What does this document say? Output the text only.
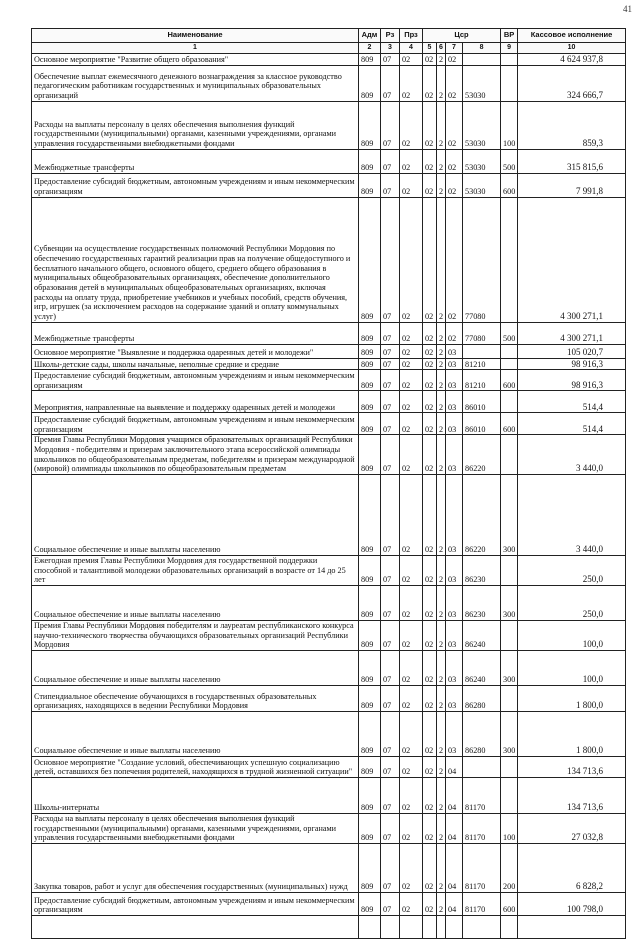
41
Наименование	Адм	Рз	Прз	Цср				ВР	Кассовое исполнение
1	2	3	4	5	6	7	8	9	10
Основное мероприятие "Развитие общего образования"	809	07	02	02	2	02			4 624 937,8
Обеспечение выплат ежемесячного денежного вознаграждения за классное руководство педагогическим работникам государственных и муниципальных образовательных организаций	809	07	02	02	2	02	53030		324 666,7
Расходы на выплаты персоналу в целях обеспечения выполнения функций государственными (муниципальными) органами, казенными учреждениями, органами управления государственными внебюджетными фондами	809	07	02	02	2	02	53030	100	859,3
Межбюджетные трансферты	809	07	02	02	2	02	53030	500	315 815,6
Предоставление субсидий бюджетным, автономным учреждениям и иным некоммерческим организациям	809	07	02	02	2	02	53030	600	7 991,8
Субвенции на осуществление государственных полномочий Республики Мордовия по обеспечению государственных гарантий реализации прав на получение общедоступного и бесплатного начального общего, основного общего, среднего общего образования в муниципальных общеобразовательных организациях, обеспечение дополнительного образования детей в муниципальных общеобразовательных организациях, включая расходы на оплату труда, приобретение учебников и учебных пособий, средств обучения, игр, игрушек (за исключением расходов на содержание зданий и оплату коммунальных услуг)	809	07	02	02	2	02	77080		4 300 271,1
Межбюджетные трансферты	809	07	02	02	2	02	77080	500	4 300 271,1
Основное мероприятие "Выявление и поддержка одаренных детей и молодежи"	809	07	02	02	2	03			105 020,7
Школы-детские сады, школы начальные, неполные средние и средние	809	07	02	02	2	03	81210		98 916,3
Предоставление субсидий бюджетным, автономным учреждениям и иным некоммерческим организациям	809	07	02	02	2	03	81210	600	98 916,3
Мероприятия, направленные на выявление и поддержку одаренных детей и молодежи	809	07	02	02	2	03	86010		514,4
Предоставление субсидий бюджетным, автономным учреждениям и иным некоммерческим организациям	809	07	02	02	2	03	86010	600	514,4
Премия Главы Республики Мордовия учащимся образовательных организаций Республики Мордовия - победителям и призерам заключительного этапа всероссийской олимпиады школьников по общеобразовательным предметам, победителям и призерам международной (мировой) олимпиады школьников по общеобразовательным предметам	809	07	02	02	2	03	86220		3 440,0
Социальное обеспечение и иные выплаты населению	809	07	02	02	2	03	86220	300	3 440,0
Ежегодная премия Главы Республики Мордовия для государственной поддержки способной и талантливой молодежи образовательных организаций в возрасте от 14 до 25 лет	809	07	02	02	2	03	86230		250,0
Социальное обеспечение и иные выплаты населению	809	07	02	02	2	03	86230	300	250,0
Премия Главы Республики Мордовия победителям и лауреатам республиканского конкурса научно-технического творчества обучающихся образовательных организаций Республики Мордовия	809	07	02	02	2	03	86240		100,0
Социальное обеспечение и иные выплаты населению	809	07	02	02	2	03	86240	300	100,0
Стипендиальное обеспечение обучающихся в государственных образовательных организациях, находящихся в ведении Республики Мордовия	809	07	02	02	2	03	86280		1 800,0
Социальное обеспечение и иные выплаты населению	809	07	02	02	2	03	86280	300	1 800,0
Основное мероприятие "Создание условий, обеспечивающих успешную социализацию детей, оставшихся без попечения родителей, находящихся в трудной жизненной ситуации"	809	07	02	02	2	04			134 713,6
Школы-интернаты	809	07	02	02	2	04	81170		134 713,6
Расходы на выплаты персоналу в целях обеспечения выполнения функций государственными (муниципальными) органами, казенными учреждениями, органами управления государственными внебюджетными фондами	809	07	02	02	2	04	81170	100	27 032,8
Закупка товаров, работ и услуг для обеспечения государственных (муниципальных) нужд	809	07	02	02	2	04	81170	200	6 828,2
Предоставление субсидий бюджетным, автономным учреждениям и иным некоммерческим организациям	809	07	02	02	2	04	81170	600	100 798,0
